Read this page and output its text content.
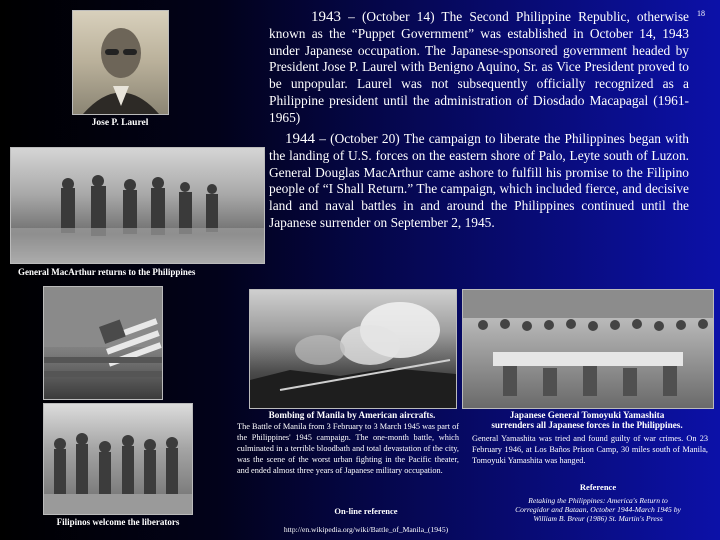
18
Jose P. Laurel

1943 – (October 14) The Second Philippine Republic, otherwise known as the “Puppet Government” was established in October 14, 1943 under Japanese occupation. The Japanese-sponsored government headed by President Jose P. Laurel with Benigno Aquino, Sr. as Vice President proved to be unpopular. Laurel was not subsequently officially recognized as a Philippine president until the administration of Diosdado Macapagal (1961-1965)

1944 – (October 20) The campaign to liberate the Philippines began with the landing of U.S. forces on the eastern shore of Palo, Leyte south of Luzon. General Douglas MacArthur came ashore to fulfill his promise to the Filipino people of “I Shall Return.” The campaign, which included fierce, and decisive land and naval battles in and around the Philippines continued until the Japanese surrender on September 2, 1945.

General MacArthur returns to the Philippines
Filipinos welcome the liberators
Bombing of Manila by American aircrafts.
The Battle of Manila from 3 February to 3 March 1945 was part of the Philippines' 1945 campaign. The one-month battle, which culminated in a terrible bloodbath and total devastation of the city, was the scene of the worst urban fighting in the Pacific theater, and ended almost three years of Japanese military occupation.
On-line reference
http://en.wikipedia.org/wiki/Battle_of_Manila_(1945)
Japanese General Tomoyuki Yamashita
surrenders all Japanese forces in the Philippines.
General Yamashita was tried and found guilty of war crimes. On 23 February 1946, at Los Baños Prison Camp, 30 miles south of Manila, Tomoyuki Yamashita was hanged.
Reference
Retaking the Philippines: America's Return to
Corregidor and Bataan, October 1944-March 1945 by
William B. Breur (1986) St. Martin's Press
